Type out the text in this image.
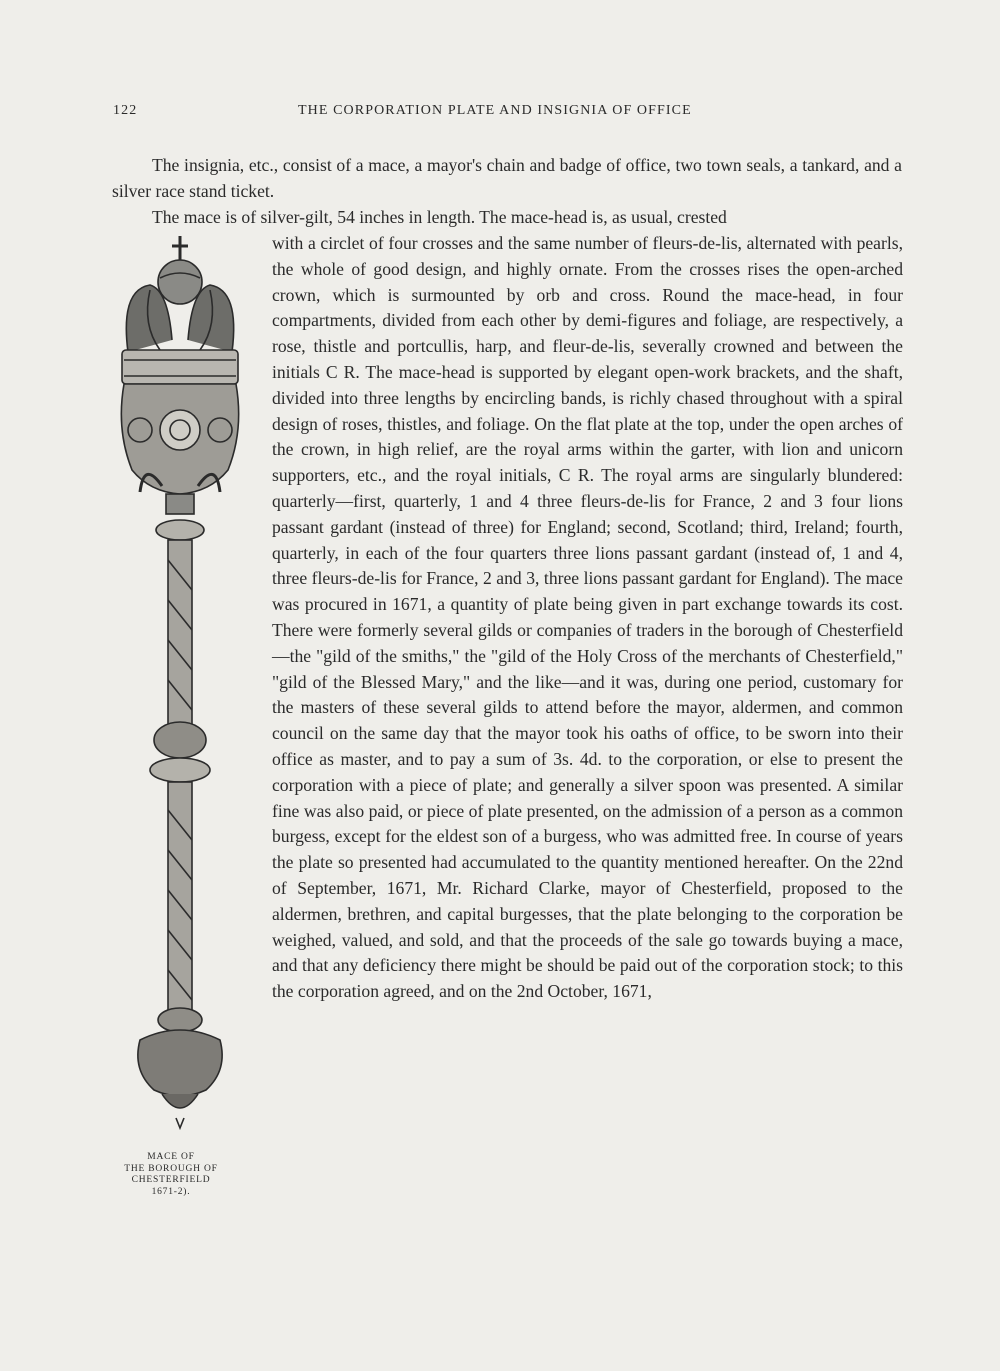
122	THE CORPORATION PLATE AND INSIGNIA OF OFFICE

The insignia, etc., consist of a mace, a mayor's chain and badge of office, two town seals, a tankard, and a silver race stand ticket.

The mace is of silver-gilt, 54 inches in length. The mace-head is, as usual, crested

with a circlet of four crosses and the same number of fleurs-de-lis, alternated with pearls, the whole of good design, and highly ornate. From the crosses rises the open-arched crown, which is surmounted by orb and cross. Round the mace-head, in four compartments, divided from each other by demi-figures and foliage, are respectively, a rose, thistle and portcullis, harp, and fleur-de-lis, severally crowned and between the initials C R. The mace-head is supported by elegant open-work brackets, and the shaft, divided into three lengths by encircling bands, is richly chased throughout with a spiral design of roses, thistles, and foliage. On the flat plate at the top, under the open arches of the crown, in high relief, are the royal arms within the garter, with lion and unicorn supporters, etc., and the royal initials, C R. The royal arms are singularly blundered: quarterly—first, quarterly, 1 and 4 three fleurs-de-lis for France, 2 and 3 four lions passant gardant (instead of three) for England; second, Scotland; third, Ireland; fourth, quarterly, in each of the four quarters three lions passant gardant (instead of, 1 and 4, three fleurs-de-lis for France, 2 and 3, three lions passant gardant for England). The mace was procured in 1671, a quantity of plate being given in part exchange towards its cost. There were formerly several gilds or companies of traders in the borough of Chesterfield—the "gild of the smiths," the "gild of the Holy Cross of the merchants of Chesterfield," "gild of the Blessed Mary," and the like—and it was, during one period, customary for the masters of these several gilds to attend before the mayor, aldermen, and common council on the same day that the mayor took his oaths of office, to be sworn into their office as master, and to pay a sum of 3s. 4d. to the corporation, or else to present the corporation with a piece of plate; and generally a silver spoon was presented. A similar fine was also paid, or piece of plate presented, on the admission of a person as a common burgess, except for the eldest son of a burgess, who was admitted free. In course of years the plate so presented had accumulated to the quantity mentioned hereafter. On the 22nd of September, 1671, Mr. Richard Clarke, mayor of Chesterfield, proposed to the aldermen, brethren, and capital burgesses, that the plate belonging to the corporation be weighed, valued, and sold, and that the proceeds of the sale go towards buying a mace, and that any deficiency there might be should be paid out of the corporation stock; to this the corporation agreed, and on the 2nd October, 1671,

MACE OF
THE BOROUGH OF
CHESTERFIELD
1671-2).
